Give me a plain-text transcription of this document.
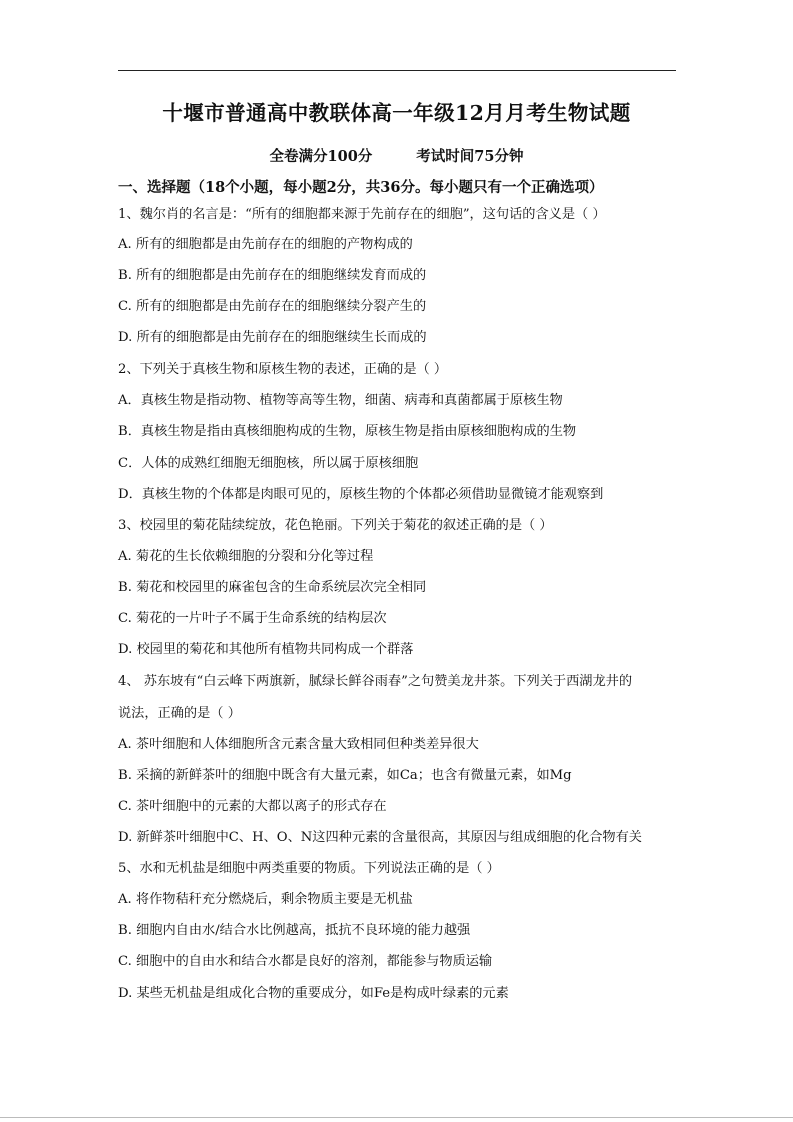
十堰市普通高中教联体高一年级12月月考生物试题
全卷满分100分	考试时间75分钟
一、选择题（18个小题，每小题2分，共36分。每小题只有一个正确选项）
1、魏尔肖的名言是：“所有的细胞都来源于先前存在的细胞”，这句话的含义是（ ）
A. 所有的细胞都是由先前存在的细胞的产物构成的
B. 所有的细胞都是由先前存在的细胞继续发育而成的
C. 所有的细胞都是由先前存在的细胞继续分裂产生的
D. 所有的细胞都是由先前存在的细胞继续生长而成的
2、下列关于真核生物和原核生物的表述，正确的是（ ）
A．真核生物是指动物、植物等高等生物，细菌、病毒和真菌都属于原核生物
B．真核生物是指由真核细胞构成的生物，原核生物是指由原核细胞构成的生物
C．人体的成熟红细胞无细胞核，所以属于原核细胞
D．真核生物的个体都是肉眼可见的，原核生物的个体都必须借助显微镜才能观察到
3、校园里的菊花陆续绽放，花色艳丽。下列关于菊花的叙述正确的是（ ）
A. 菊花的生长依赖细胞的分裂和分化等过程
B. 菊花和校园里的麻雀包含的生命系统层次完全相同
C. 菊花的一片叶子不属于生命系统的结构层次
D. 校园里的菊花和其他所有植物共同构成一个群落
4、 苏东坡有“白云峰下两旗新，腻绿长鲜谷雨春”之句赞美龙井茶。下列关于西湖龙井的
说法，正确的是（ ）
A. 茶叶细胞和人体细胞所含元素含量大致相同但种类差异很大
B. 采摘的新鲜茶叶的细胞中既含有大量元素，如Ca；也含有微量元素，如Mg
C. 茶叶细胞中的元素的大都以离子的形式存在
D. 新鲜茶叶细胞中C、H、O、N这四种元素的含量很高，其原因与组成细胞的化合物有关
5、水和无机盐是细胞中两类重要的物质。下列说法正确的是（ ）
A. 将作物秸秆充分燃烧后，剩余物质主要是无机盐
B. 细胞内自由水/结合水比例越高，抵抗不良环境的能力越强
C. 细胞中的自由水和结合水都是良好的溶剂，都能参与物质运输
D. 某些无机盐是组成化合物的重要成分，如Fe是构成叶绿素的元素
